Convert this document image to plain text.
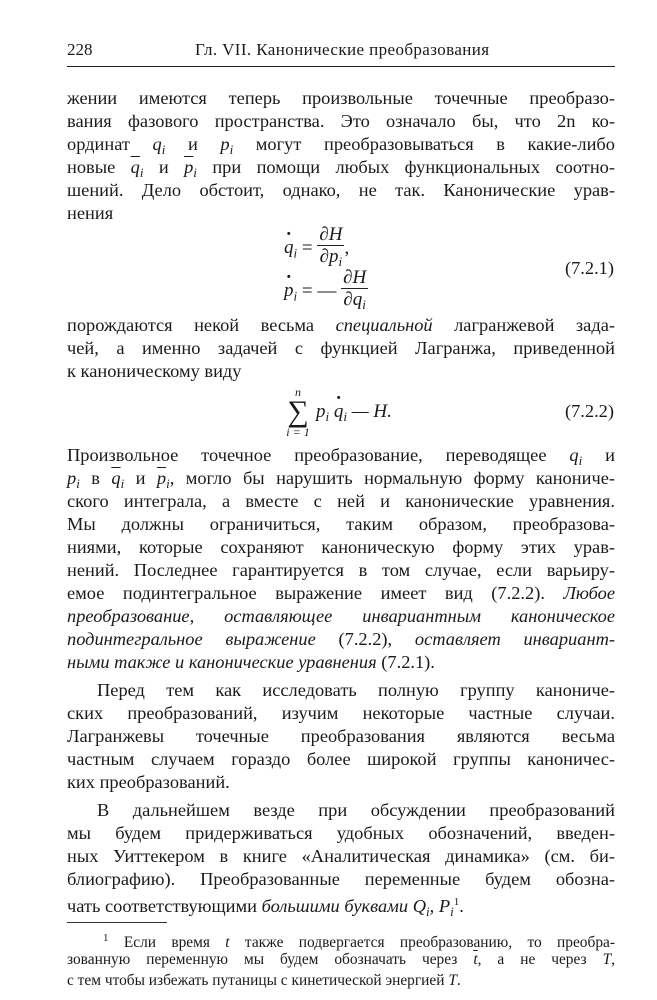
228	Гл. VII. Канонические преобразования
жении имеются теперь произвольные точечные преобразо-
вания фазового пространства. Это означало бы, что 2n ко-
ординат $q_i$ и $p_i$ могут преобразовываться в какие-либо
новые $\overline{q}_i$ и $\overline{p}_i$ при помощи любых функциональных соотно-
шений. Дело обстоит, однако, не так. Канонические урав-
нения
· $q_i = \frac{\partial H}{\partial p_i}$ ,
· $p_i$ = — $\frac{\partial H}{\partial q_i}$	(7.2.1)
порождаются некой весьма специальной лагранжевой зада-
чей, а именно задачей с функцией Лагранжа, приведенной
к каноническому виду
n
∑
i = 1
$p_i \cdot q_i$ — H.	(7.2.2)
Произвольное точечное преобразование, переводящее $q_i$ и
$p_i$ в $\overline{q}_i$ и $\overline{p}_i$, могло бы нарушить нормальную форму канониче-
ского интеграла, а вместе с ней и канонические уравнения.
Мы должны ограничиться, таким образом, преобразова-
ниями, которые сохраняют каноническую форму этих урав-
нений. Последнее гарантируется в том случае, если варьиру-
емое подинтегральное выражение имеет вид (7.2.2). Любое
преобразование, оставляющее инвариантным каноническое
подинтегральное выражение (7.2.2), оставляет инвариант-
ными также и канонические уравнения (7.2.1).
Перед тем как исследовать полную группу канониче-
ских преобразований, изучим некоторые частные случаи.
Лагранжевы точечные преобразования являются весьма
частным случаем гораздо более широкой группы каноничес-
ких преобразований.
В дальнейшем везде при обсуждении преобразований
мы будем придерживаться удобных обозначений, введен-
ных Уиттекером в книге «Аналитическая динамика» (см. би-
блиографию). Преобразованные переменные будем обозна-
чать соответствующими большими буквами $Q_i$, $P_i^1$.
$^1$ Если время t также подвергается преобразованию, то преобра-
зованную переменную мы будем обозначать через $\overline{t}$, а не через T,
с тем чтобы избежать путаницы с кинетической энергией T.
